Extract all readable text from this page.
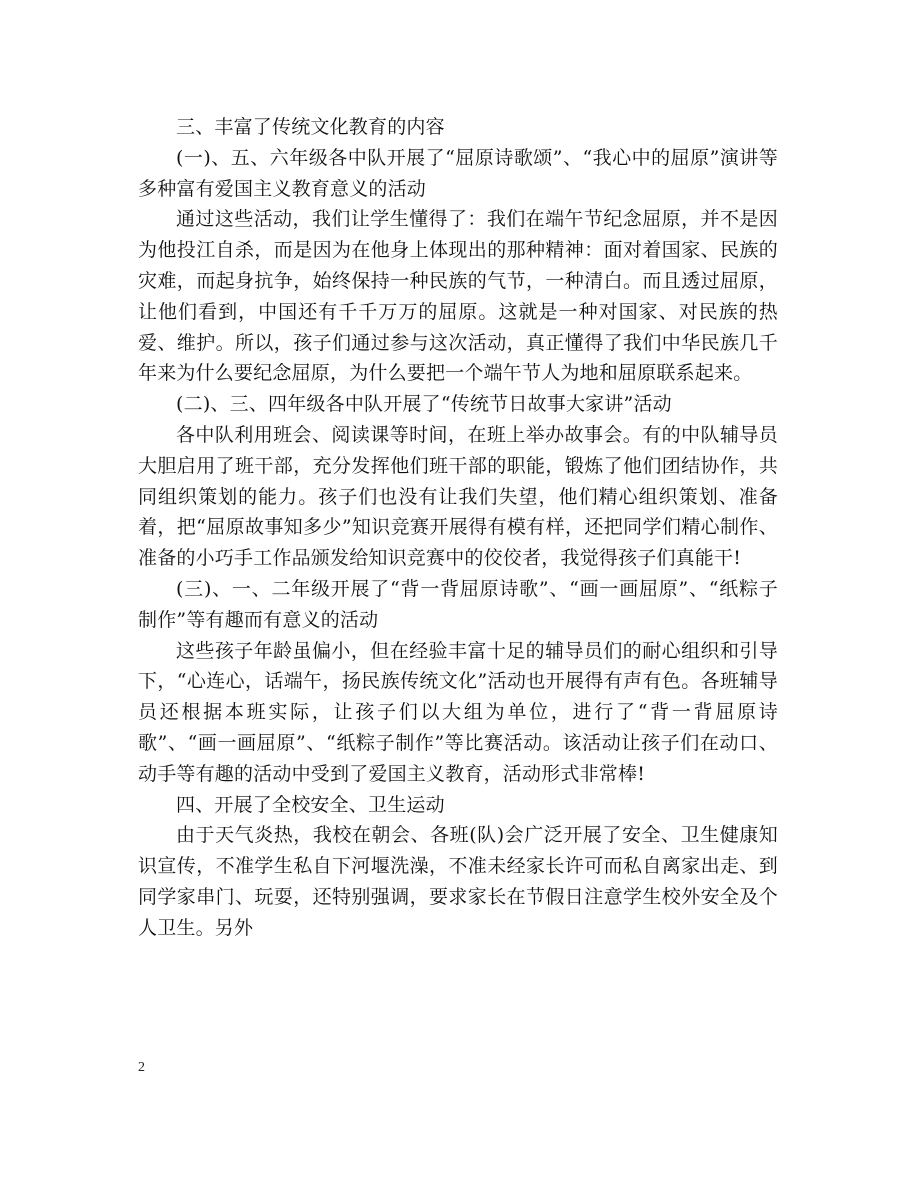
三、丰富了传统文化教育的内容

(一)、五、六年级各中队开展了“屈原诗歌颂”、“我心中的屈原”演讲等多种富有爱国主义教育意义的活动

通过这些活动，我们让学生懂得了：我们在端午节纪念屈原，并不是因为他投江自杀，而是因为在他身上体现出的那种精神：面对着国家、民族的灾难，而起身抗争，始终保持一种民族的气节，一种清白。而且透过屈原，让他们看到，中国还有千千万万的屈原。这就是一种对国家、对民族的热爱、维护。所以，孩子们通过参与这次活动，真正懂得了我们中华民族几千年来为什么要纪念屈原，为什么要把一个端午节人为地和屈原联系起来。

(二)、三、四年级各中队开展了“传统节日故事大家讲”活动

各中队利用班会、阅读课等时间，在班上举办故事会。有的中队辅导员大胆启用了班干部，充分发挥他们班干部的职能，锻炼了他们团结协作，共同组织策划的能力。孩子们也没有让我们失望，他们精心组织策划、准备着，把“屈原故事知多少”知识竞赛开展得有模有样，还把同学们精心制作、准备的小巧手工作品颁发给知识竞赛中的佼佼者，我觉得孩子们真能干!

(三)、一、二年级开展了“背一背屈原诗歌”、“画一画屈原”、“纸粽子制作”等有趣而有意义的活动

这些孩子年龄虽偏小，但在经验丰富十足的辅导员们的耐心组织和引导下，“心连心，话端午，扬民族传统文化”活动也开展得有声有色。各班辅导员还根据本班实际，让孩子们以大组为单位，进行了“背一背屈原诗歌”、“画一画屈原”、“纸粽子制作”等比赛活动。该活动让孩子们在动口、动手等有趣的活动中受到了爱国主义教育，活动形式非常棒!

四、开展了全校安全、卫生运动

由于天气炎热，我校在朝会、各班(队)会广泛开展了安全、卫生健康知识宣传，不准学生私自下河堰洗澡，不准未经家长许可而私自离家出走、到同学家串门、玩耍，还特别强调，要求家长在节假日注意学生校外安全及个人卫生。另外

2
